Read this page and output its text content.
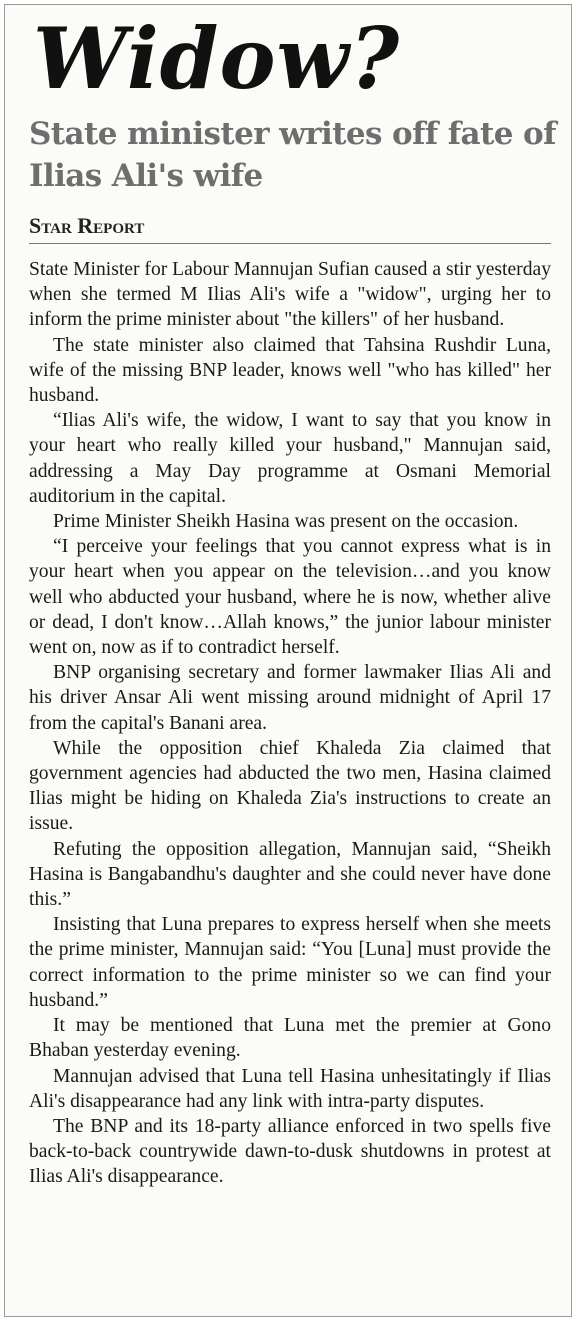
Widow?
State minister writes off fate of Ilias Ali's wife
Star Report

State Minister for Labour Mannujan Sufian caused a stir yesterday when she termed M Ilias Ali's wife a "widow", urging her to inform the prime minister about "the killers" of her husband.

The state minister also claimed that Tahsina Rushdir Luna, wife of the missing BNP leader, knows well "who has killed" her husband.

“Ilias Ali's wife, the widow, I want to say that you know in your heart who really killed your husband," Mannujan said, addressing a May Day programme at Osmani Memorial auditorium in the capital.

Prime Minister Sheikh Hasina was present on the occasion.

“I perceive your feelings that you cannot express what is in your heart when you appear on the television…and you know well who abducted your husband, where he is now, whether alive or dead, I don't know…Allah knows,” the junior labour minister went on, now as if to contradict herself.

BNP organising secretary and former lawmaker Ilias Ali and his driver Ansar Ali went missing around midnight of April 17 from the capital's Banani area.

While the opposition chief Khaleda Zia claimed that government agencies had abducted the two men, Hasina claimed Ilias might be hiding on Khaleda Zia's instructions to create an issue.

Refuting the opposition allegation, Mannujan said, “Sheikh Hasina is Bangabandhu's daughter and she could never have done this.”

Insisting that Luna prepares to express herself when she meets the prime minister, Mannujan said: “You [Luna] must provide the correct information to the prime minister so we can find your husband.”

It may be mentioned that Luna met the premier at Gono Bhaban yesterday evening.

Mannujan advised that Luna tell Hasina unhesitatingly if Ilias Ali's disappearance had any link with intra-party disputes.

The BNP and its 18-party alliance enforced in two spells five back-to-back countrywide dawn-to-dusk shutdowns in protest at Ilias Ali's disappearance.
